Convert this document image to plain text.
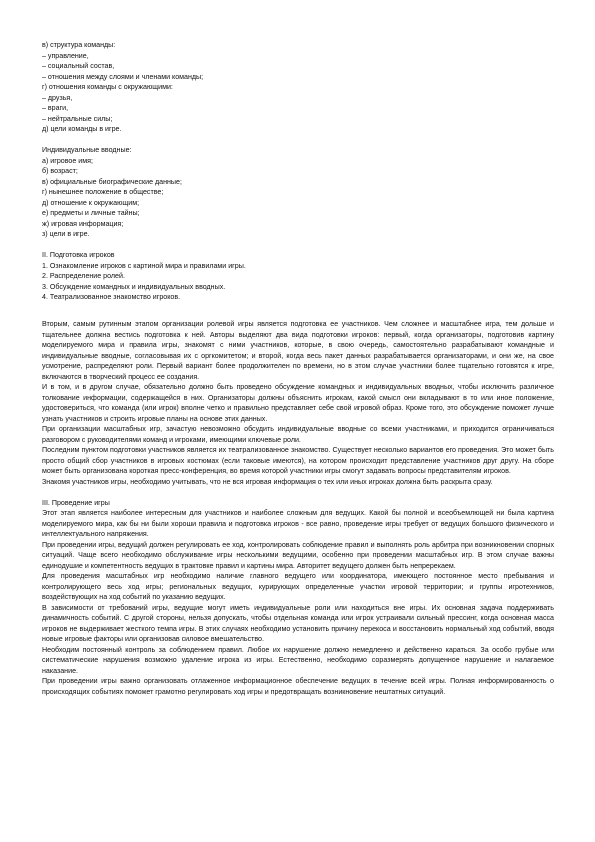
в) структура команды:

– управление,

– социальный состав,

– отношения между слоями и членами команды;

г) отношения команды с окружающими:

– друзья,

– враги,

– нейтральные силы;

д) цели команды в игре.

Индивидуальные вводные:

а) игровое имя;

б) возраст;

в) официальные биографические данные;

г) нынешнее положение в обществе;

д) отношение к окружающим;

е) предметы и личные тайны;

ж) игровая информация;

з) цели в игре.

II. Подготовка игроков

1. Ознакомление игроков с картиной мира и правилами игры.

2. Распределение ролей.

3. Обсуждение командных и индивидуальных вводных.

4. Театрализованное знакомство игроков.

Вторым, самым рутинным этапом организации ролевой игры является подготовка ее участников. Чем сложнее и масштабнее игра, тем дольше и тщательнее должна вестись подготовка к ней. Авторы выделяют два вида подготовки игроков: первый, когда организаторы, подготовив картину моделируемого мира и правила игры, знакомят с ними участников, которые, в свою очередь, самостоятельно разрабатывают командные и индивидуальные вводные, согласовывая их с оргкомитетом; и второй, когда весь пакет данных разрабатывается организаторами, и они же, на свое усмотрение, распределяют роли. Первый вариант более продолжителен по времени, но в этом случае участники более тщательно готовятся к игре, включаются в творческий процесс ее создания.

И в том, и в другом случае, обязательно должно быть проведено обсуждение командных и индивидуальных вводных, чтобы исключить различное толкование информации, содержащейся в них. Организаторы должны объяснить игрокам, какой смысл они вкладывают в то или иное положение, удостовериться, что команда (или игрок) вполне четко и правильно представляет себе свой игровой образ. Кроме того, это обсуждение поможет лучше узнать участников и строить игровые планы на основе этих данных.

При организации масштабных игр, зачастую невозможно обсудить индивидуальные вводные со всеми участниками, и приходится ограничиваться разговором с руководителями команд и игроками, имеющими ключевые роли.

Последним пунктом подготовки участников является их театрализованное знакомство. Существует несколько вариантов его проведения. Это может быть просто общий сбор участников в игровых костюмах (если таковые имеются), на котором происходит представление участников друг другу. На сборе может быть организована короткая пресс-конференция, во время которой участники игры смогут задавать вопросы представителям игроков.

Знакомя участников игры, необходимо учитывать, что не вся игровая информация о тех или иных игроках должна быть раскрыта сразу.

III. Проведение игры

Этот этап является наиболее интересным для участников и наиболее сложным для ведущих. Какой бы полной и всеобъемлющей ни была картина моделируемого мира, как бы ни были хороши правила и подготовка игроков - все равно, проведение игры требует от ведущих большого физического и интеллектуального напряжения.

При проведении игры, ведущий должен регулировать ее ход, контролировать соблюдение правил и выполнять роль арбитра при возникновении спорных ситуаций. Чаще всего необходимо обслуживание игры несколькими ведущими, особенно при проведении масштабных игр. В этом случае важны единодушие и компетентность ведущих в трактовке правил и картины мира. Авторитет ведущего должен быть непререкаем.

Для проведения масштабных игр необходимо наличие главного ведущего или координатора, имеющего постоянное место пребывания и контролирующего весь ход игры; региональных ведущих, курирующих определенные участки игровой территории; и группы игротехников, воздействующих на ход событий по указанию ведущих.

В зависимости от требований игры, ведущие могут иметь индивидуальные роли или находиться вне игры. Их основная задача поддерживать динамичность событий. С другой стороны, нельзя допускать, чтобы отдельная команда или игрок устраивали сильный прессинг, когда основная масса игроков не выдерживает жесткого темпа игры. В этих случаях необходимо установить причину перекоса и восстановить нормальный ход событий, вводя новые игровые факторы или организовав силовое вмешательство.

Необходим постоянный контроль за соблюдением правил. Любое их нарушение должно немедленно и действенно караться. За особо грубые или систематические нарушения возможно удаление игрока из игры. Естественно, необходимо соразмерять допущенное нарушение и налагаемое наказание.

При проведении игры важно организовать отлаженное информационное обеспечение ведущих в течение всей игры. Полная информированность о происходящих событиях поможет грамотно регулировать ход игры и предотвращать возникновение нештатных ситуаций.
